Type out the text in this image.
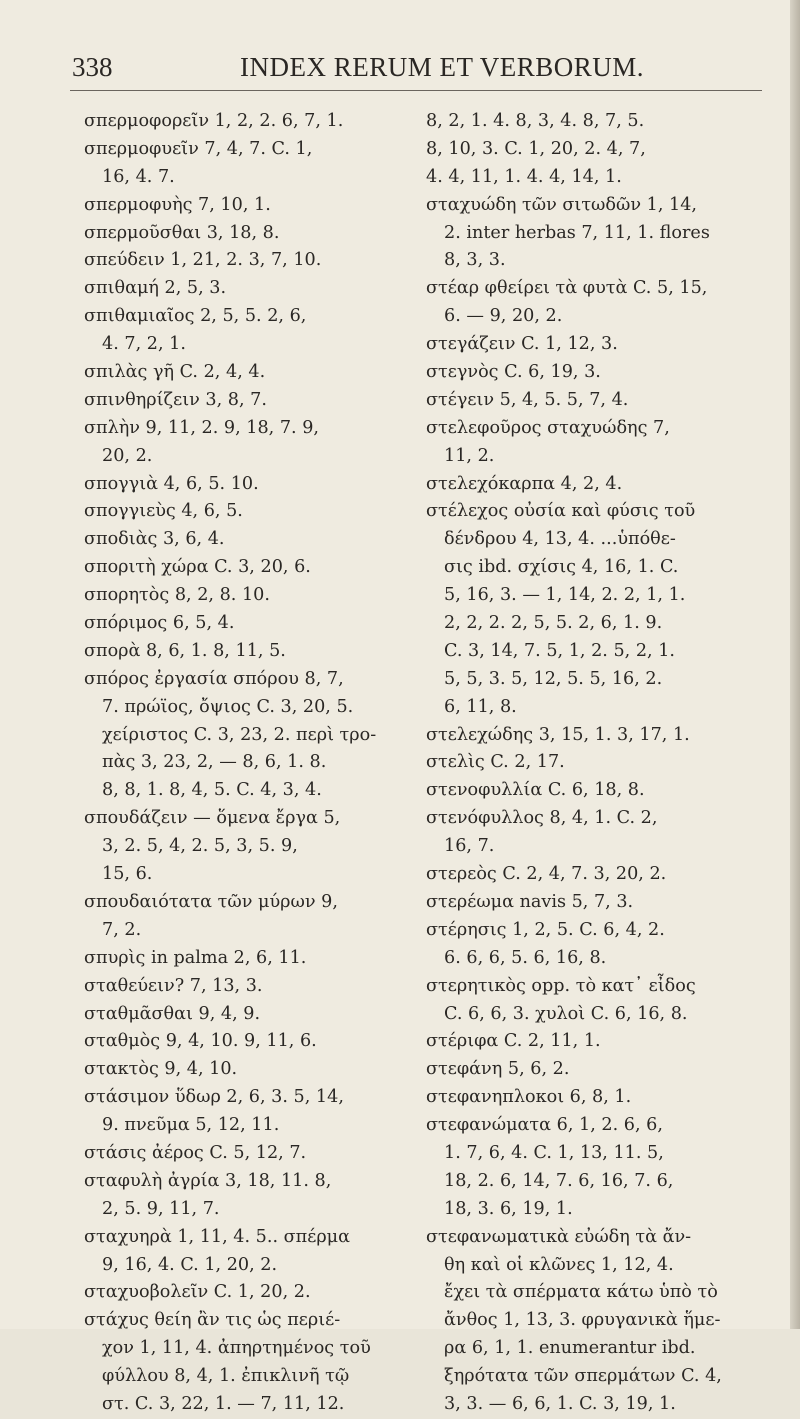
338	INDEX RERUM ET VERBORUM.
σπερμοφορεῖν 1, 2, 2. 6, 7, 1.
σπερμοφυεῖν 7, 4, 7. C. 1,
16, 4. 7.
σπερμοφυὴς 7, 10, 1.
σπερμοῦσθαι 3, 18, 8.
σπεύδειν 1, 21, 2. 3, 7, 10.
σπιθαμή 2, 5, 3.
σπιθαμιαῖος 2, 5, 5. 2, 6,
4. 7, 2, 1.
σπιλὰς γῆ C. 2, 4, 4.
σπινθηρίζειν 3, 8, 7.
σπλὴν 9, 11, 2. 9, 18, 7. 9,
20, 2.
σπογγιὰ 4, 6, 5. 10.
σπογγιεὺς 4, 6, 5.
σποδιὰς 3, 6, 4.
σποριτὴ χώρα C. 3, 20, 6.
σπορητὸς 8, 2, 8. 10.
σπόριμος 6, 5, 4.
σπορὰ 8, 6, 1. 8, 11, 5.
σπόρος ἐργασία σπόρου 8, 7,
7. πρώϊος, ὄψιος C. 3, 20, 5.
χείριστος C. 3, 23, 2. περὶ τρο-
πὰς 3, 23, 2, — 8, 6, 1. 8.
8, 8, 1. 8, 4, 5. C. 4, 3, 4.
σπουδάζειν — ὅμενα ἔργα 5,
3, 2. 5, 4, 2. 5, 3, 5. 9,
15, 6.
σπουδαιότατα τῶν μύρων 9,
7, 2.
σπυρὶς in palma 2, 6, 11.
σταθεύειν? 7, 13, 3.
σταθμᾶσθαι 9, 4, 9.
σταθμὸς 9, 4, 10. 9, 11, 6.
στακτὸς 9, 4, 10.
στάσιμον ὕδωρ 2, 6, 3. 5, 14,
9. πνεῦμα 5, 12, 11.
στάσις ἀέρος C. 5, 12, 7.
σταφυλὴ ἀγρία 3, 18, 11. 8,
2, 5. 9, 11, 7.
σταχυηρὰ 1, 11, 4. 5.. σπέρμα
9, 16, 4. C. 1, 20, 2.
σταχυοβολεῖν C. 1, 20, 2.
στάχυς θείη ἂν τις ὡς περιέ-
χον 1, 11, 4. ἀπηρτημένος τοῦ
φύλλου 8, 4, 1. ἐπικλινῆ τῷ
στ. C. 3, 22, 1. — 7, 11, 12.
8, 2, 1. 4. 8, 3, 4. 8, 7, 5.
8, 10, 3. C. 1, 20, 2. 4, 7,
4. 4, 11, 1. 4. 4, 14, 1.
σταχυώδη τῶν σιτωδῶν 1, 14,
2. inter herbas 7, 11, 1. flores
8, 3, 3.
στέαρ φθείρει τὰ φυτὰ C. 5, 15,
6. — 9, 20, 2.
στεγάζειν C. 1, 12, 3.
στεγνὸς C. 6, 19, 3.
στέγειν 5, 4, 5. 5, 7, 4.
στελεφοῦρος σταχυώδης 7,
11, 2.
στελεχόκαρπα 4, 2, 4.
στέλεχος οὐσία καὶ φύσις τοῦ
δένδρου 4, 13, 4. ...ὑπόθε-
σις ibd. σχίσις 4, 16, 1. C.
5, 16, 3. — 1, 14, 2. 2, 1, 1.
2, 2, 2. 2, 5, 5. 2, 6, 1. 9.
C. 3, 14, 7. 5, 1, 2. 5, 2, 1.
5, 5, 3. 5, 12, 5. 5, 16, 2.
6, 11, 8.
στελεχώδης 3, 15, 1. 3, 17, 1.
στελὶς C. 2, 17.
στενοφυλλία C. 6, 18, 8.
στενόφυλλος 8, 4, 1. C. 2,
16, 7.
στερεὸς C. 2, 4, 7. 3, 20, 2.
στερέωμα navis 5, 7, 3.
στέρησις 1, 2, 5. C. 6, 4, 2.
6. 6, 6, 5. 6, 16, 8.
στερητικὸς opp. τὸ κατ᾽ εἶδος
C. 6, 6, 3. χυλοὶ C. 6, 16, 8.
στέριφα C. 2, 11, 1.
στεφάνη 5, 6, 2.
στεφανηπλοκοι 6, 8, 1.
στεφανώματα 6, 1, 2. 6, 6,
1. 7, 6, 4. C. 1, 13, 11. 5,
18, 2. 6, 14, 7. 6, 16, 7. 6,
18, 3. 6, 19, 1.
στεφανωματικὰ εὐώδη τὰ ἄν-
θη καὶ οἱ κλῶνες 1, 12, 4.
ἔχει τὰ σπέρματα κάτω ὑπὸ τὸ
ἄνθος 1, 13, 3. φρυγανικὰ ἥμε-
ρα 6, 1, 1. enumerantur ibd.
ξηρότατα τῶν σπερμάτων C. 4,
3, 3. — 6, 6, 1. C. 3, 19, 1.
